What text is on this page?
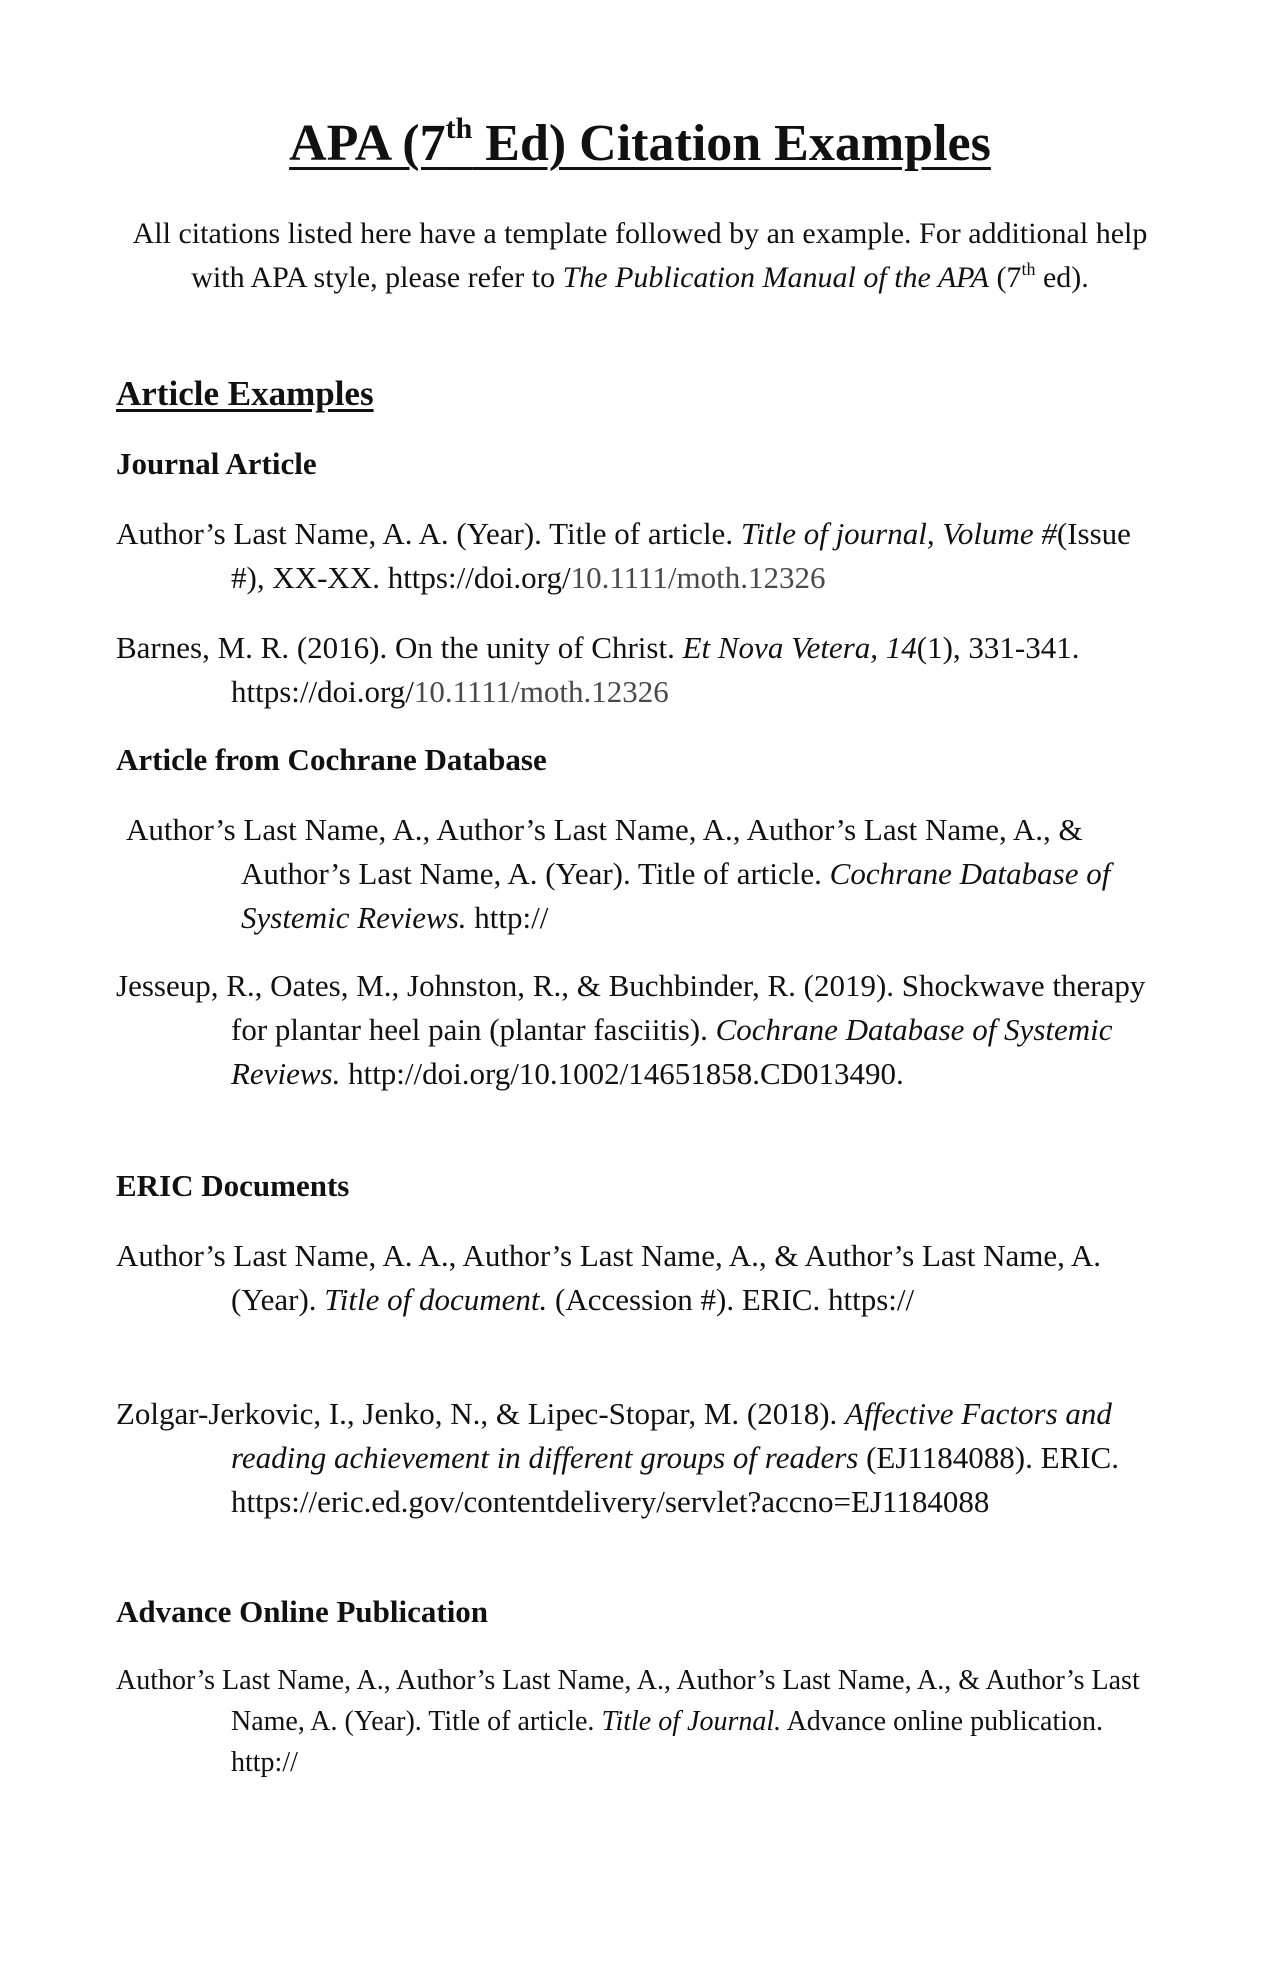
APA (7th Ed) Citation Examples
All citations listed here have a template followed by an example. For additional help with APA style, please refer to The Publication Manual of the APA (7th ed).
Article Examples
Journal Article
Author’s Last Name, A. A. (Year). Title of article. Title of journal, Volume #(Issue #), XX-XX. https://doi.org/10.1111/moth.12326
Barnes, M. R. (2016). On the unity of Christ. Et Nova Vetera, 14(1), 331-341. https://doi.org/10.1111/moth.12326
Article from Cochrane Database
Author’s Last Name, A., Author’s Last Name, A., Author’s Last Name, A., & Author’s Last Name, A. (Year). Title of article. Cochrane Database of Systemic Reviews. http://
Jesseup, R., Oates, M., Johnston, R., & Buchbinder, R. (2019). Shockwave therapy for plantar heel pain (plantar fasciitis). Cochrane Database of Systemic Reviews. http://doi.org/10.1002/14651858.CD013490.
ERIC Documents
Author’s Last Name, A. A., Author’s Last Name, A., & Author’s Last Name, A. (Year). Title of document. (Accession #). ERIC. https://
Zolgar-Jerkovic, I., Jenko, N., & Lipec-Stopar, M. (2018). Affective Factors and reading achievement in different groups of readers (EJ1184088). ERIC. https://eric.ed.gov/contentdelivery/servlet?accno=EJ1184088
Advance Online Publication
Author’s Last Name, A., Author’s Last Name, A., Author’s Last Name, A., & Author’s Last Name, A. (Year). Title of article. Title of Journal. Advance online publication. http://
